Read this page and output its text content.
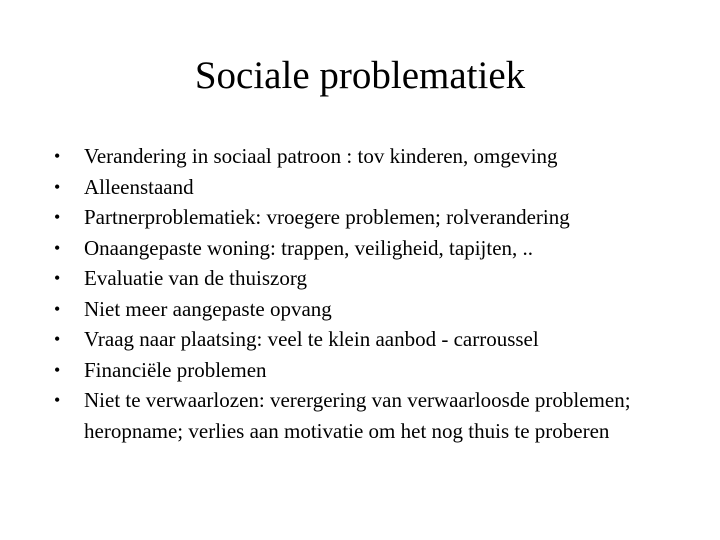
Sociale problematiek
•	Verandering in sociaal patroon : tov kinderen, omgeving
•	Alleenstaand
•	Partnerproblematiek: vroegere problemen; rolverandering
•	Onaangepaste woning: trappen, veiligheid, tapijten, ..
•	Evaluatie van de thuiszorg
•	Niet meer aangepaste opvang
•	Vraag naar plaatsing: veel te klein aanbod - carroussel
•	Financiële problemen
•	Niet te verwaarlozen: verergering van verwaarloosde problemen; heropname; verlies aan motivatie om het nog thuis te proberen
